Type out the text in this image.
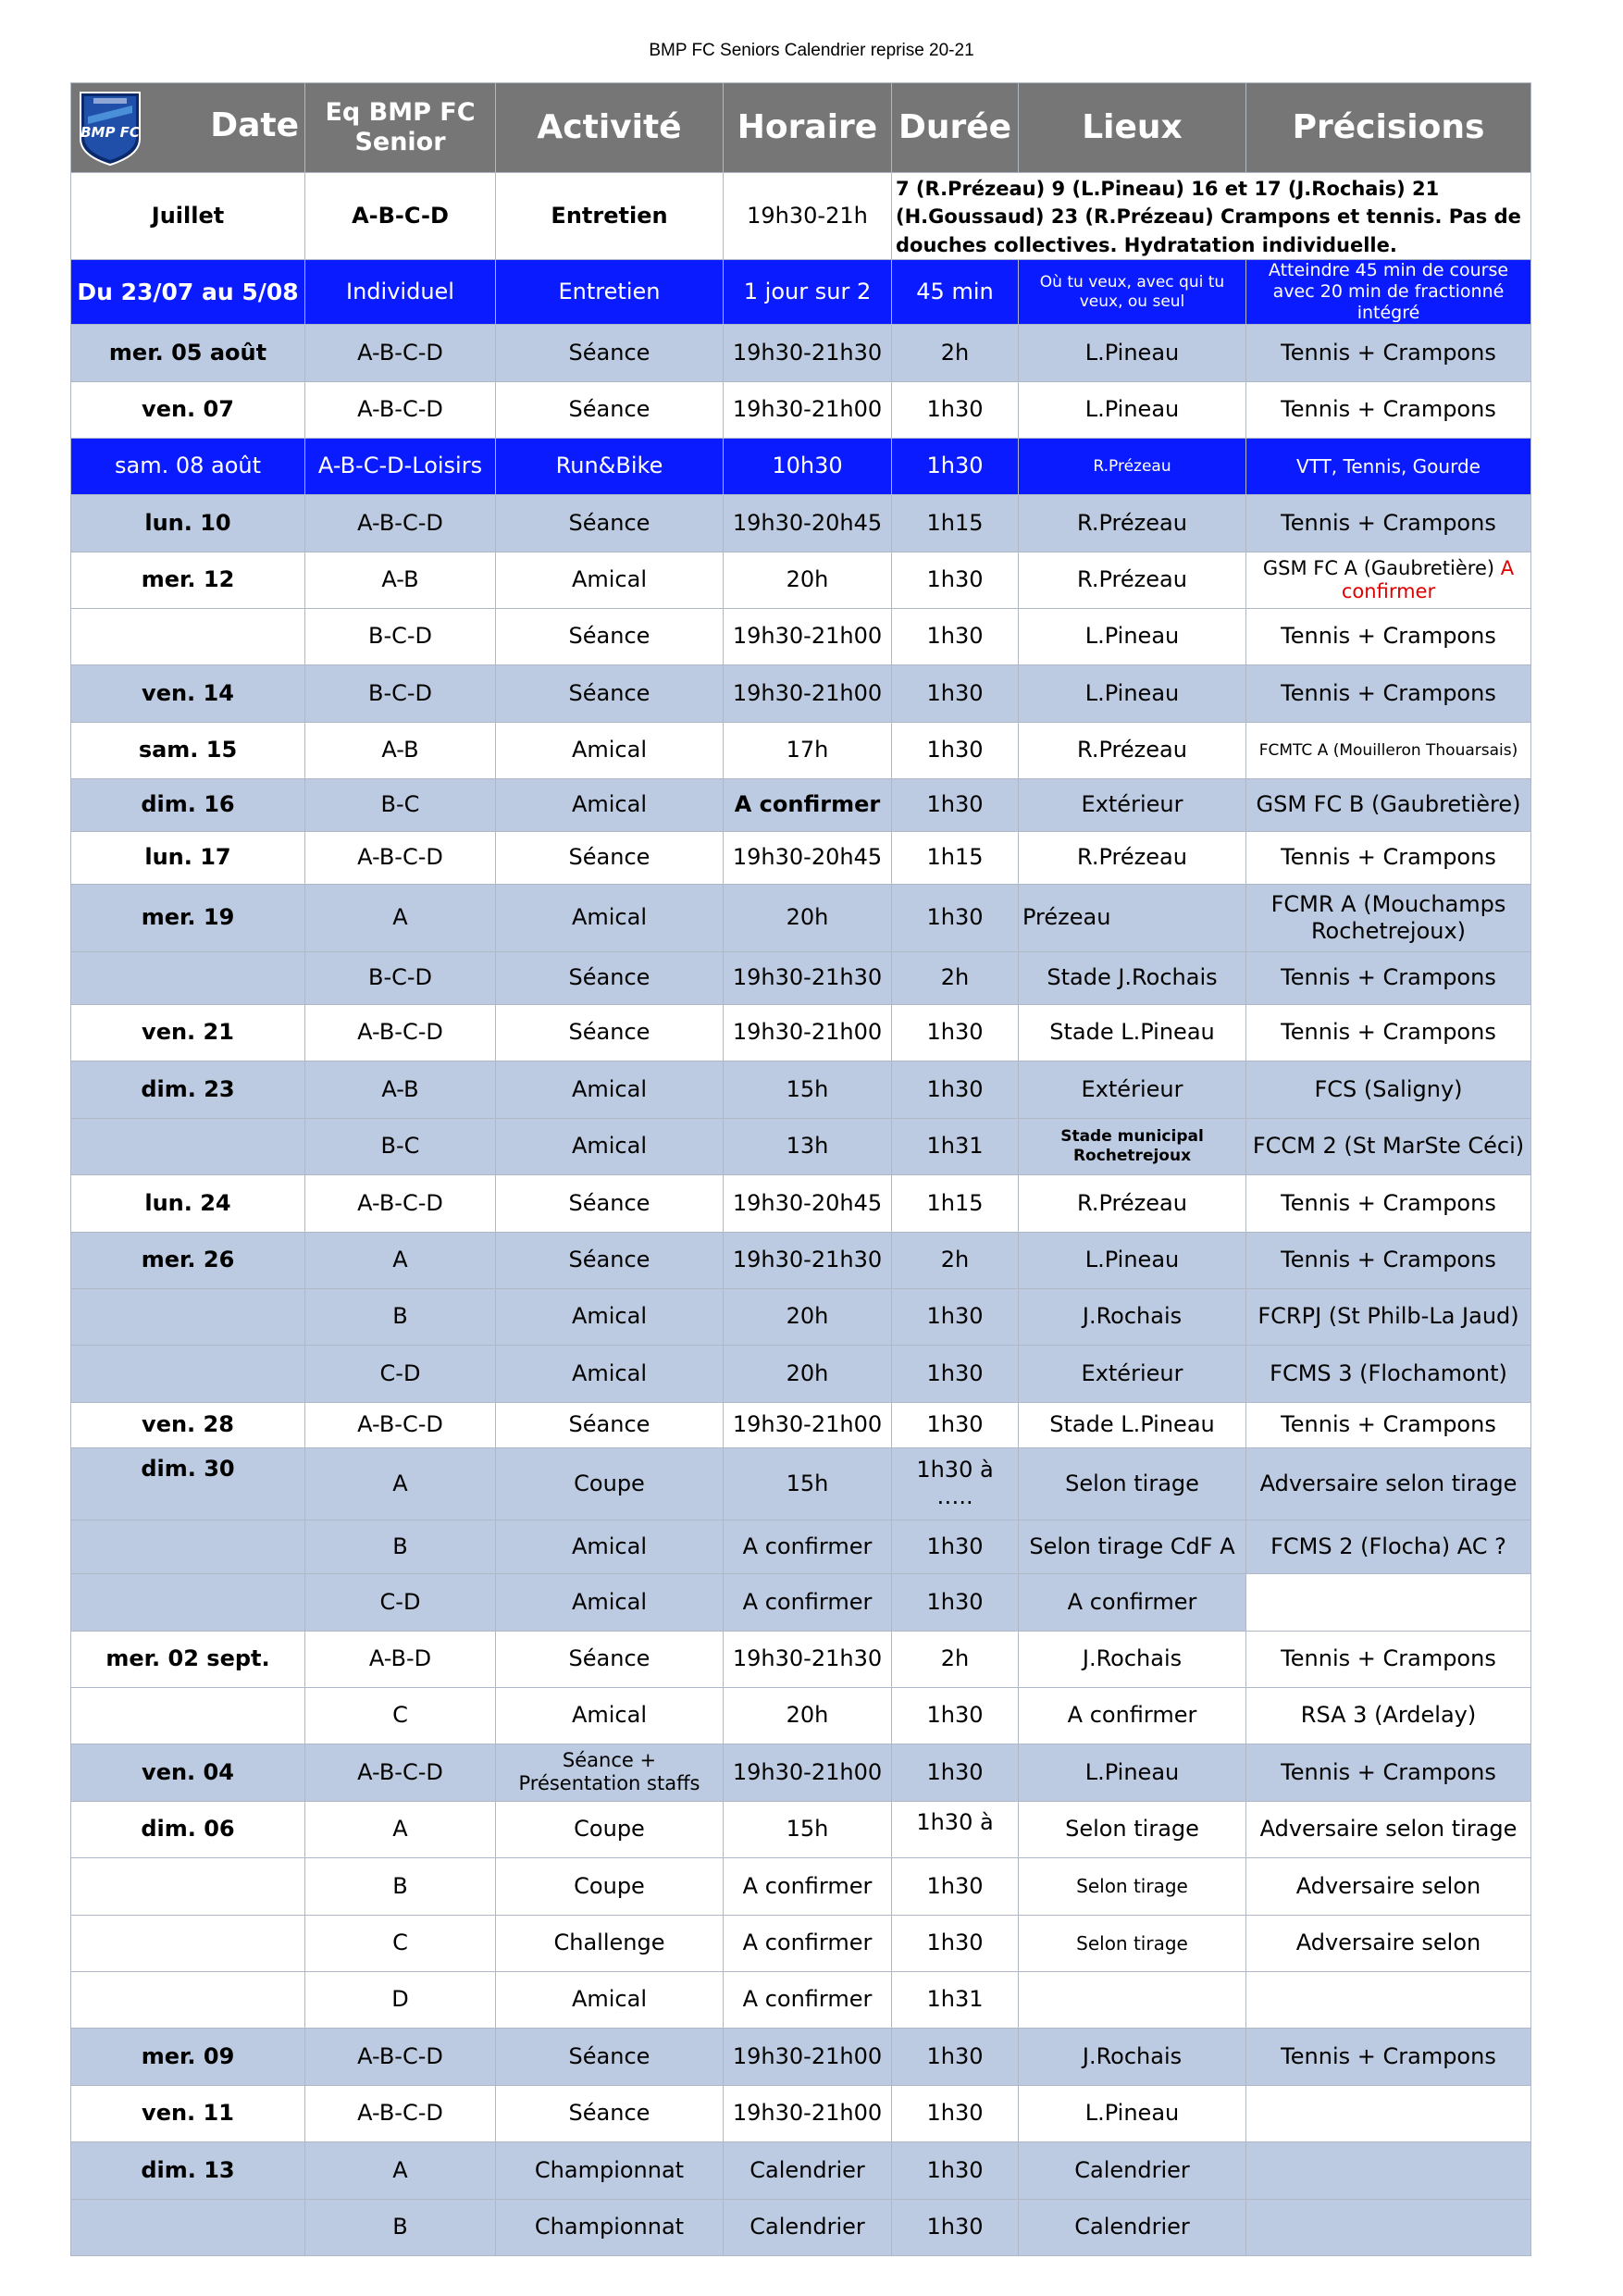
BMP FC Seniors Calendrier reprise 20-21
BMP FC Date	Eq BMP FC Senior	Activité	Horaire	Durée	Lieux	Précisions
Juillet	A-B-C-D	Entretien	19h30-21h	7 (R.Prézeau) 9 (L.Pineau) 16 et 17 (J.Rochais) 21 (H.Goussaud) 23 (R.Prézeau) Crampons et tennis. Pas de douches collectives. Hydratation individuelle.		
Du 23/07 au 5/08	Individuel	Entretien	1 jour sur 2	45 min	Où tu veux, avec qui tu veux, ou seul	Atteindre 45 min de course avec 20 min de fractionné intégré
mer. 05 août	A-B-C-D	Séance	19h30-21h30	2h	L.Pineau	Tennis + Crampons
ven. 07	A-B-C-D	Séance	19h30-21h00	1h30	L.Pineau	Tennis + Crampons
sam. 08 août	A-B-C-D-Loisirs	Run&Bike	10h30	1h30	R.Prézeau	VTT, Tennis, Gourde
lun. 10	A-B-C-D	Séance	19h30-20h45	1h15	R.Prézeau	Tennis + Crampons
mer. 12	A-B	Amical	20h	1h30	R.Prézeau	GSM FC A (Gaubretière) A confirmer
	B-C-D	Séance	19h30-21h00	1h30	L.Pineau	Tennis + Crampons
ven. 14	B-C-D	Séance	19h30-21h00	1h30	L.Pineau	Tennis + Crampons
sam. 15	A-B	Amical	17h	1h30	R.Prézeau	FCMTC A (Mouilleron Thouarsais)
dim. 16	B-C	Amical	A confirmer	1h30	Extérieur	GSM FC B (Gaubretière)
lun. 17	A-B-C-D	Séance	19h30-20h45	1h15	R.Prézeau	Tennis + Crampons
mer. 19	A	Amical	20h	1h30	Prézeau	FCMR A (Mouchamps Rochetrejoux)
	B-C-D	Séance	19h30-21h30	2h	Stade J.Rochais	Tennis + Crampons
ven. 21	A-B-C-D	Séance	19h30-21h00	1h30	Stade L.Pineau	Tennis + Crampons
dim. 23	A-B	Amical	15h	1h30	Extérieur	FCS (Saligny)
	B-C	Amical	13h	1h31	Stade municipal Rochetrejoux	FCCM 2 (St MarSte Céci)
lun. 24	A-B-C-D	Séance	19h30-20h45	1h15	R.Prézeau	Tennis + Crampons
mer. 26	A	Séance	19h30-21h30	2h	L.Pineau	Tennis + Crampons
	B	Amical	20h	1h30	J.Rochais	FCRPJ (St Philb-La Jaud)
	C-D	Amical	20h	1h30	Extérieur	FCMS 3 (Flochamont)
ven. 28	A-B-C-D	Séance	19h30-21h00	1h30	Stade L.Pineau	Tennis + Crampons
dim. 30	A	Coupe	15h	1h30 à …..	Selon tirage	Adversaire selon tirage
	B	Amical	A confirmer	1h30	Selon tirage CdF A	FCMS 2 (Flocha) AC ?
	C-D	Amical	A confirmer	1h30	A confirmer	
mer. 02 sept.	A-B-D	Séance	19h30-21h30	2h	J.Rochais	Tennis + Crampons
	C	Amical	20h	1h30	A confirmer	RSA 3 (Ardelay)
ven. 04	A-B-C-D	Séance + Présentation staffs	19h30-21h00	1h30	L.Pineau	Tennis + Crampons
dim. 06	A	Coupe	15h	1h30 à	Selon tirage	Adversaire selon tirage
	B	Coupe	A confirmer	1h30	Selon tirage	Adversaire selon
	C	Challenge	A confirmer	1h30	Selon tirage	Adversaire selon
	D	Amical	A confirmer	1h31		
mer. 09	A-B-C-D	Séance	19h30-21h00	1h30	J.Rochais	Tennis + Crampons
ven. 11	A-B-C-D	Séance	19h30-21h00	1h30	L.Pineau	
dim. 13	A	Championnat	Calendrier	1h30	Calendrier	
	B	Championnat	Calendrier	1h30	Calendrier	
